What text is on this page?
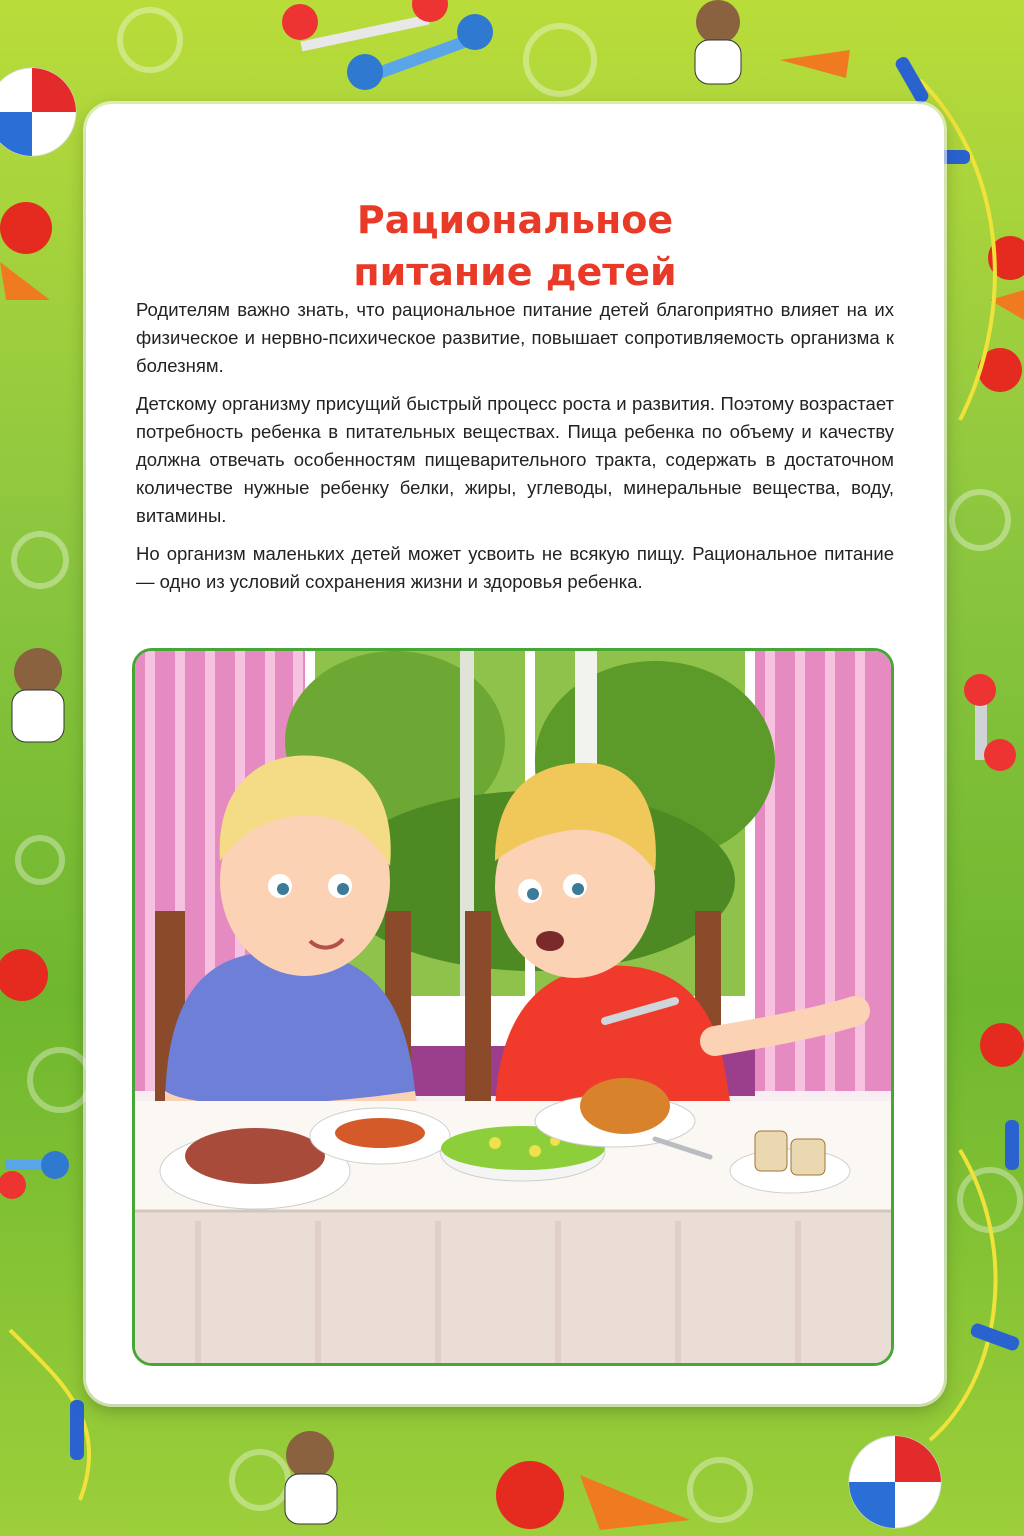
Рациональное
питание детей

Родителям важно знать, что рациональное питание детей благоприятно влияет на их физическое и нервно-психическое развитие, повышает сопротивляемость организма к болезням.

Детскому организму присущий быстрый процесс роста и развития. Поэтому возрастает потребность ребенка в питательных веществах. Пища ребенка по объему и качеству должна отвечать особенностям пищеварительного тракта, содержать в достаточном количестве нужные ребенку белки, жиры, углеводы, минеральные вещества, воду, витамины.

Но организм маленьких детей может усвоить не всякую пищу. Рациональное питание — одно из условий сохранения жизни и здоровья ребенка.
